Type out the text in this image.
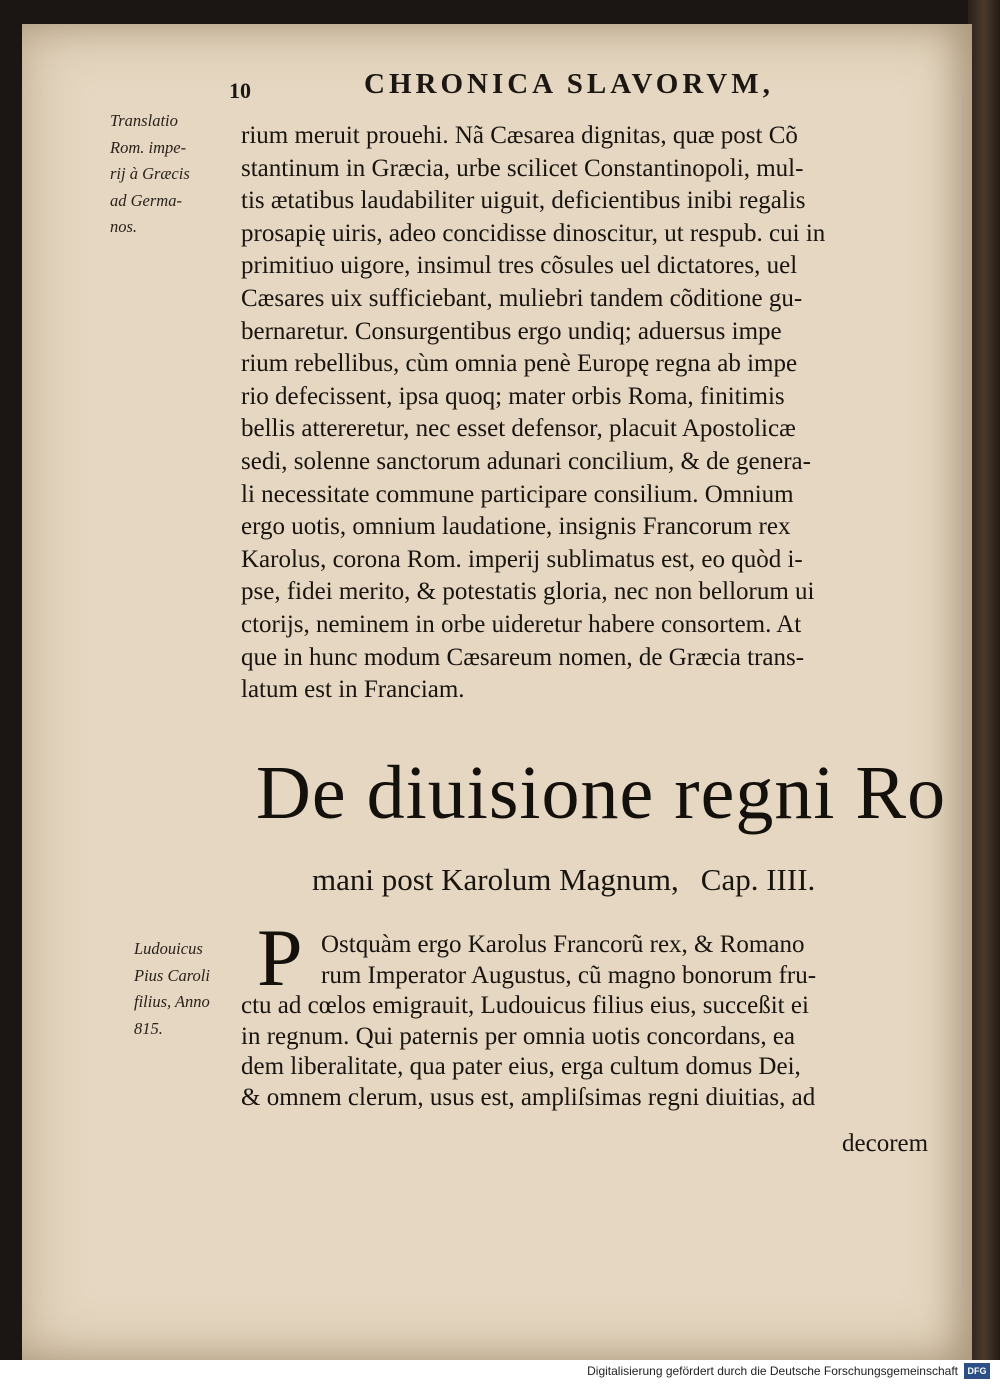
10	CHRONICA SLAVORVM,
Translatio
Rom. impe-
rij à Græcis
ad Germa-
nos.
Ludouicus
Pius Caroli
filius, Anno
815.
rium meruit prouehi. Nã Cæsarea dignitas, quæ post Cõ
stantinum in Græcia, urbe scilicet Constantinopoli, mul-
tis ætatibus laudabiliter uiguit, deficientibus inibi regalis
prosapię uiris, adeo concidisse dinoscitur, ut respub. cui in
primitiuo uigore, insimul tres cõsules uel dictatores, uel
Cæsares uix sufficiebant, muliebri tandem cõditione gu-
bernaretur. Consurgentibus ergo undiq; aduersus impe
rium rebellibus, cùm omnia penè Europę regna ab impe
rio defecissent, ipsa quoq; mater orbis Roma, finitimis
bellis attereretur, nec esset defensor, placuit Apostolicæ
sedi, solenne sanctorum adunari concilium, & de genera-
li necessitate commune participare consilium. Omnium
ergo uotis, omnium laudatione, insignis Francorum rex
Karolus, corona Rom. imperij sublimatus est, eo quòd i-
pse, fidei merito, & potestatis gloria, nec non bellorum ui
ctorijs, neminem in orbe uideretur habere consortem. At
que in hunc modum Cæsareum nomen, de Græcia trans-
latum est in Franciam.
De diuisione regni Ro
mani post Karolum Magnum, Cap. IIII.
P Ostquàm ergo Karolus Francorũ rex, & Romano
rum Imperator Augustus, cũ magno bonorum fru-
ctu ad cœlos emigrauit, Ludouicus filius eius, succeßit ei
in regnum. Qui paternis per omnia uotis concordans, ea
dem liberalitate, qua pater eius, erga cultum domus Dei,
& omnem clerum, usus est, ampliſsimas regni diuitias, ad
decorem
Digitalisierung gefördert durch die Deutsche Forschungsgemeinschaft	DFG
